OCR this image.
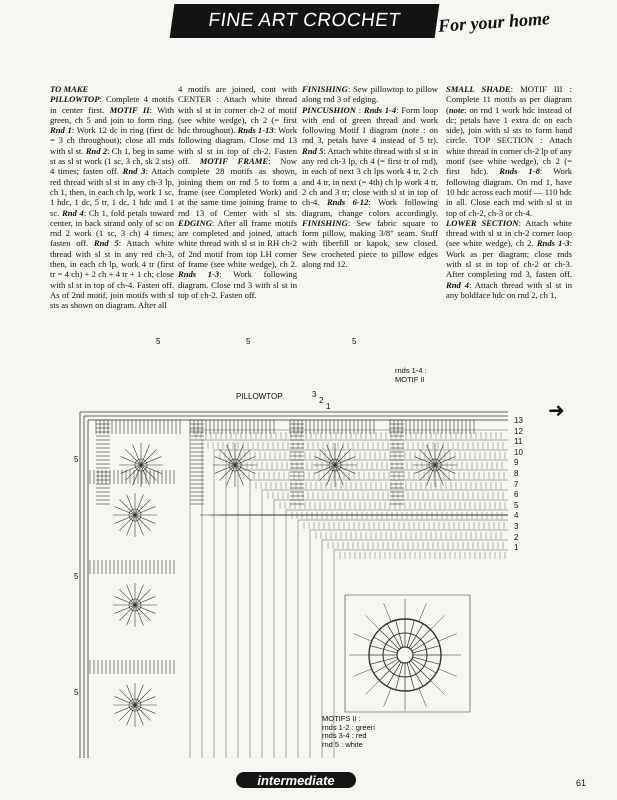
FINE ART CROCHET For your home

TO MAKE
PILLOWTOP: Complete 4 motifs in center first. MOTIF II: With green, ch 5 and join to form ring. Rnd 1: Work 12 dc in ring (first dc = 3 ch throughout); close all rnds with sl st. Rnd 2: Ch 1, beg in same st as sl st work (1 sc, 3 ch, sk 2 sts) 4 times; fasten off. Rnd 3: Attach red thread with sl st in any ch-3 lp, ch 1, then, in each ch lp, work 1 sc, 1 hdc, 1 dc, 5 tr, 1 dc, 1 hdc and 1 sc. Rnd 4: Ch 1, fold petals toward center, in back strand only of sc on rnd 2 work (1 sc, 3 ch) 4 times; fasten off. Rnd 5: Attach white thread with sl st in any red ch-3, then, in each ch lp, work 4 tr (first tr = 4 ch) + 2 ch + 4 tr + 1 ch; close with sl st in top of ch-4. Fasten off. As of 2nd motif, join motifs with sl sts as shown on diagram. After all

4 motifs are joined, cont with CENTER : Attach white thread with sl st in corner ch-2 of motif (see white wedge), ch 2 (= first hdc throughout). Rnds 1-13: Work following diagram. Close rnd 13 with sl st in top of ch-2. Fasten off. MOTIF FRAME: Now complete 28 motifs as shown, joining them on rnd 5 to form a frame (see Completed Work) and at the same time joining frame to rnd 13 of Center with sl sts. EDGING: After all frame motifs are completed and joined, attach white thread with sl st in RH ch-2 of 2nd motif from top LH corner of frame (see white wedge), ch 2. Rnds 1-3: Work following diagram. Close rnd 3 with sl st in top of ch-2. Fasten off.

FINISHING: Sew pillowtop to pillow along rnd 3 of edging.
PINCUSHION : Rnds 1-4: Form loop with end of green thread and work following Motif I diagram (note : on rnd 3, petals have 4 instead of 5 tr). Rnd 5: Attach white thread with sl st in any red ch-3 lp, ch 4 (= first tr of rnd), in each of next 3 ch lps work 4 tr, 2 ch and 4 tr, in next (= 4th) ch lp work 4 tr, 2 ch and 3 tr; close with sl st in top of ch-4. Rnds 6-12: Work following diagram, change colors accordingly. FINISHING: Sew fabric square to form pillow, making 3/8" seam. Stuff with fiberfill or kapok, sew closed. Sew crocheted piece to pillow edges along rnd 12.

SMALL SHADE: MOTIF III : Complete 11 motifs as per diagram (note: on rnd 1 work hdc instead of dc; petals have 1 extra dc on each side), join with sl sts to form band circle. TOP SECTION : Attach white thread in corner ch-2 lp of any motif (see white wedge), ch 2 (= first hdc). Rnds 1-8: Work following diagram. On rnd 1, have 10 hdc across each motif — 110 hdc in all. Close each rnd with sl st in top of ch-2, ch-3 or ch-4.
LOWER SECTION: Attach white thread with sl st in ch-2 corner loop (see white wedge), ch 2. Rnds 1-3: Work as per diagram; close rnds with sl st in top of ch-2 or ch-3. After completing rnd 3, fasten off. Rnd 4: Attach thread with sl st in any boldface hdc on rnd 2, ch 1,

➜
PILLOWTOP
rnds 1-4 :
MOTIF II
MOTIFS II :
rnds 1-2 : green
rnds 3-4 : red
rnd 5 : white
13
12
11
10
9
8
7
6
5
4
3
2
1
3
2
1
5	5	5
5
5
5
intermediate	61
